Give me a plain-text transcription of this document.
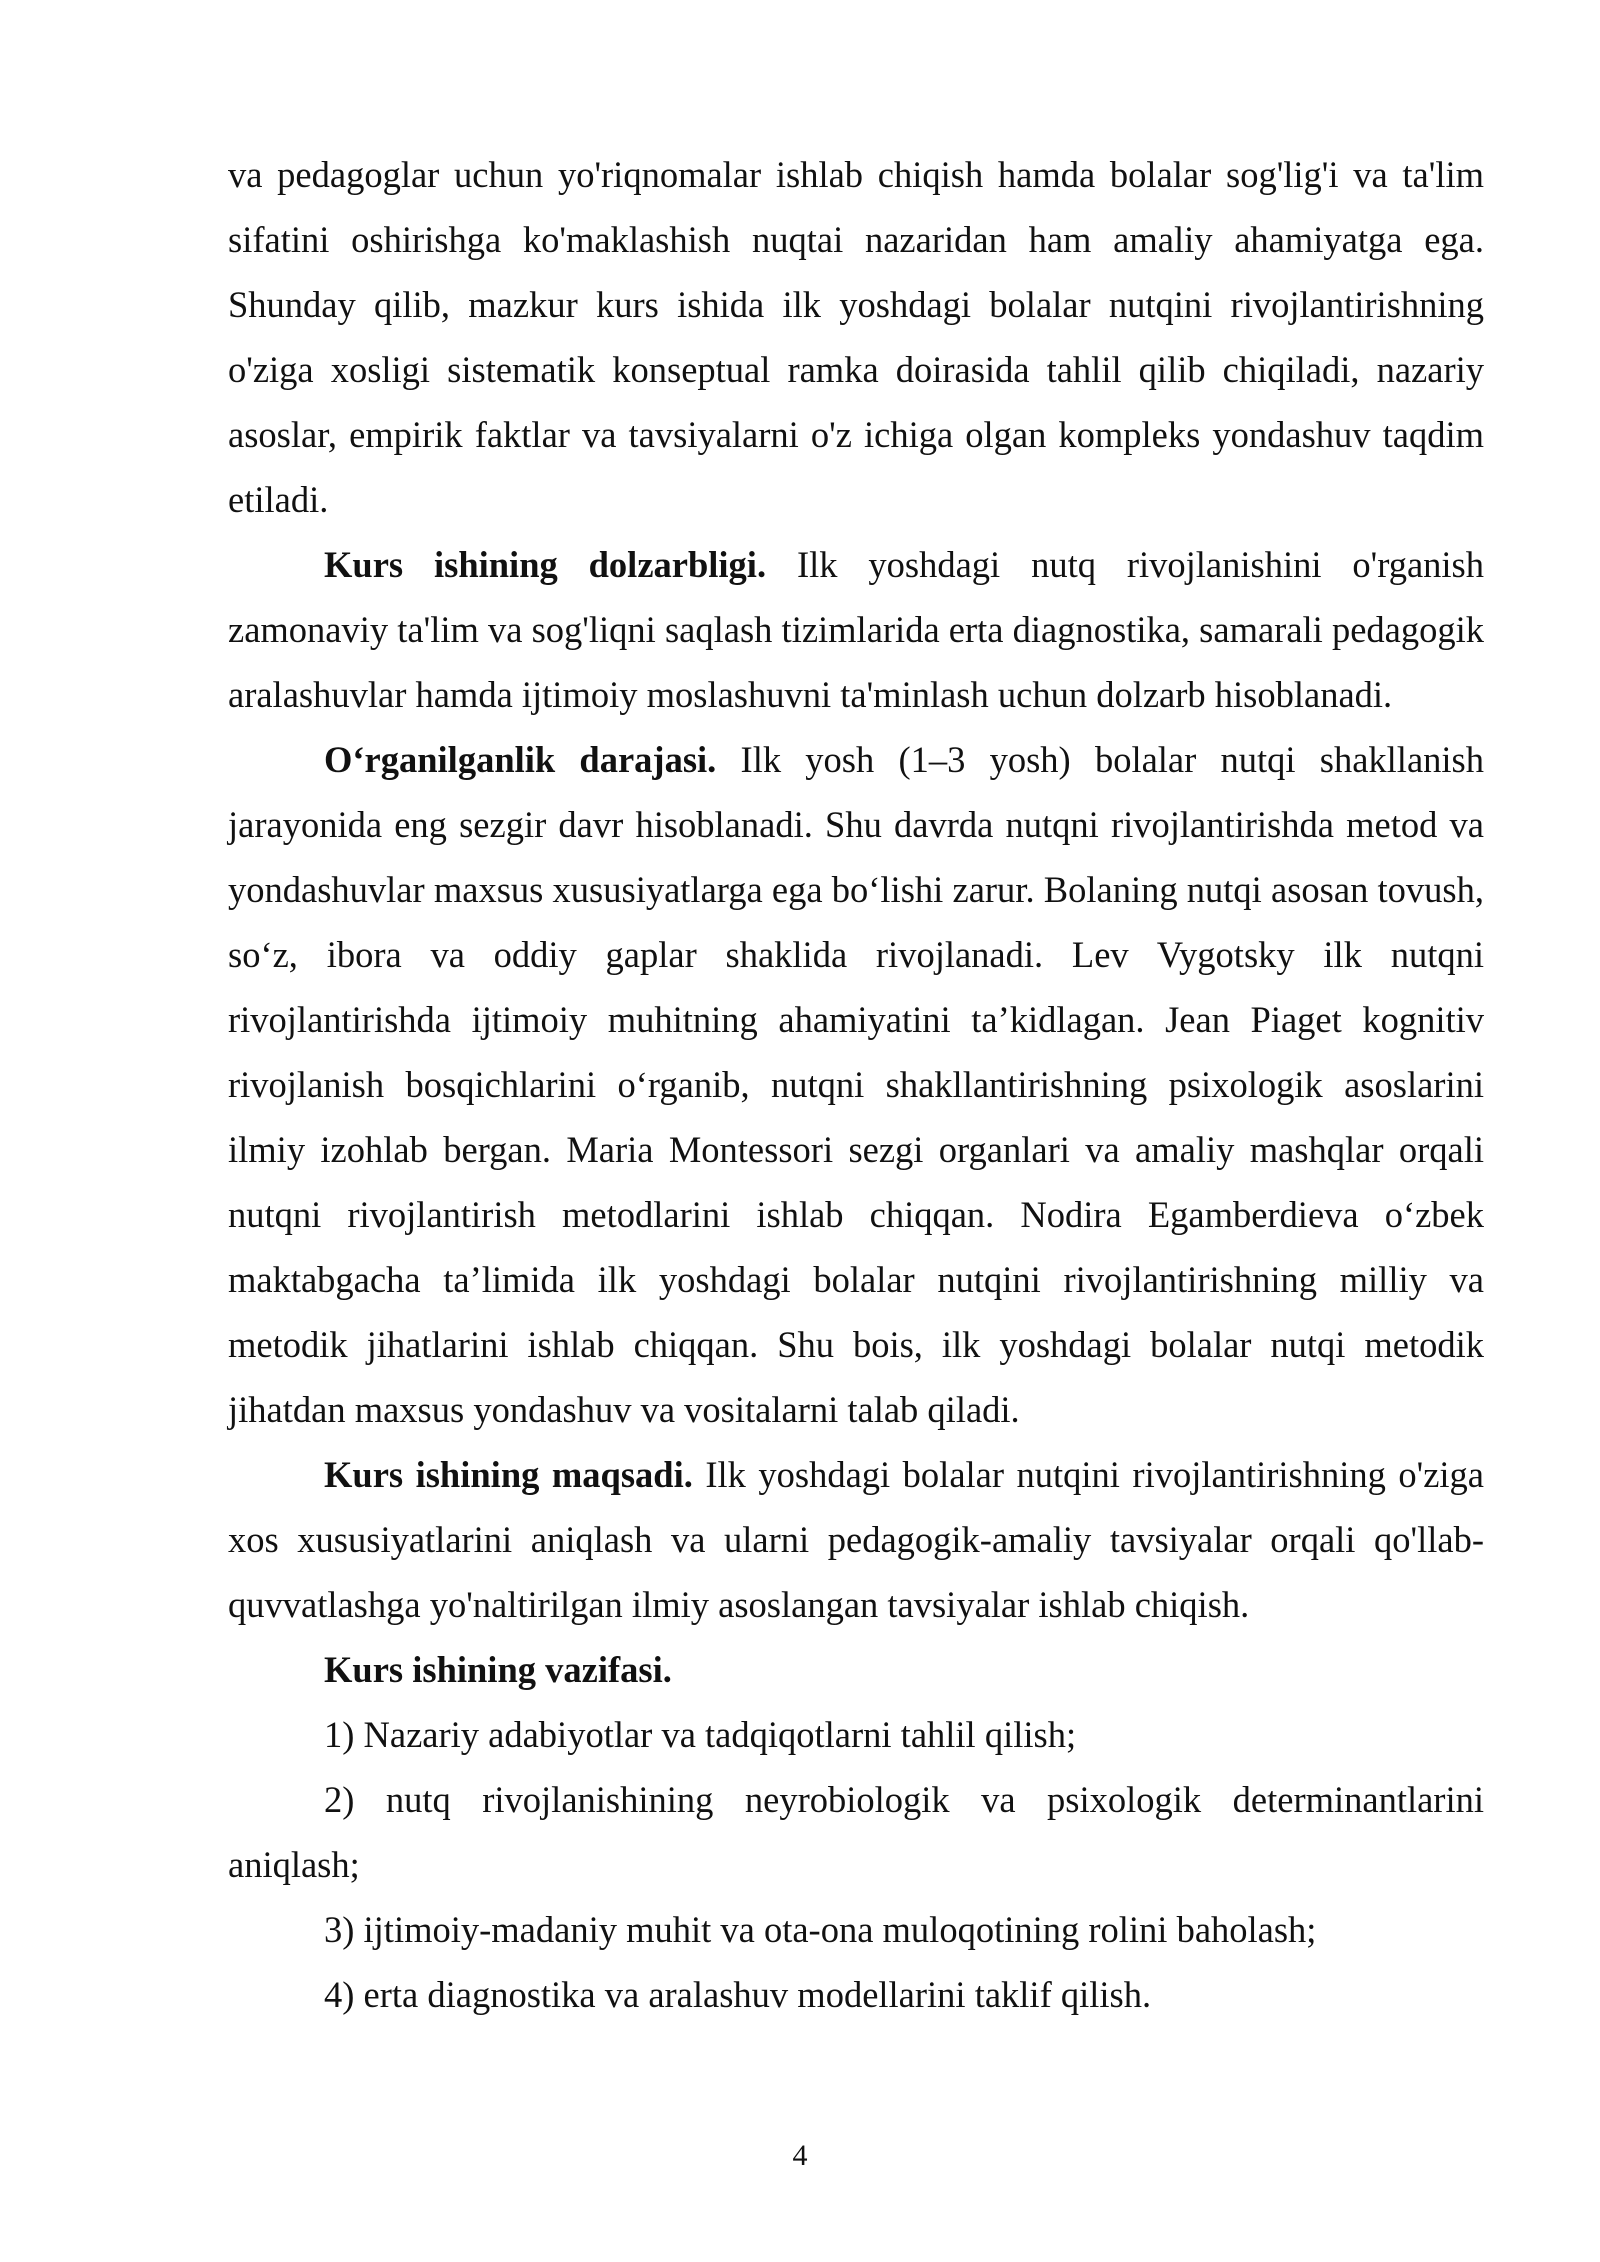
va pedagoglar uchun yo'riqnomalar ishlab chiqish hamda bolalar sog'lig'i va ta'lim sifatini oshirishga ko'maklashish nuqtai nazaridan ham amaliy ahamiyatga ega. Shunday qilib, mazkur kurs ishida ilk yoshdagi bolalar nutqini rivojlantirishning o'ziga xosligi sistematik konseptual ramka doirasida tahlil qilib chiqiladi, nazariy asoslar, empirik faktlar va tavsiyalarni o'z ichiga olgan kompleks yondashuv taqdim etiladi.

Kurs ishining dolzarbligi. Ilk yoshdagi nutq rivojlanishini o'rganish zamonaviy ta'lim va sog'liqni saqlash tizimlarida erta diagnostika, samarali pedagogik aralashuvlar hamda ijtimoiy moslashuvni ta'minlash uchun dolzarb hisoblanadi.

O‘rganilganlik darajasi. Ilk yosh (1–3 yosh) bolalar nutqi shakllanish jarayonida eng sezgir davr hisoblanadi. Shu davrda nutqni rivojlantirishda metod va yondashuvlar maxsus xususiyatlarga ega bo‘lishi zarur. Bolaning nutqi asosan tovush, so‘z, ibora va oddiy gaplar shaklida rivojlanadi. Lev Vygotsky ilk nutqni rivojlantirishda ijtimoiy muhitning ahamiyatini ta’kidlagan. Jean Piaget kognitiv rivojlanish bosqichlarini o‘rganib, nutqni shakllantirishning psixologik asoslarini ilmiy izohlab bergan. Maria Montessori sezgi organlari va amaliy mashqlar orqali nutqni rivojlantirish metodlarini ishlab chiqqan. Nodira Egamberdieva o‘zbek maktabgacha ta’limida ilk yoshdagi bolalar nutqini rivojlantirishning milliy va metodik jihatlarini ishlab chiqqan. Shu bois, ilk yoshdagi bolalar nutqi metodik jihatdan maxsus yondashuv va vositalarni talab qiladi.

Kurs ishining maqsadi. Ilk yoshdagi bolalar nutqini rivojlantirishning o'ziga xos xususiyatlarini aniqlash va ularni pedagogik-amaliy tavsiyalar orqali qo'llab-quvvatlashga yo'naltirilgan ilmiy asoslangan tavsiyalar ishlab chiqish.

Kurs ishining vazifasi.

1) Nazariy adabiyotlar va tadqiqotlarni tahlil qilish;

2) nutq rivojlanishining neyrobiologik va psixologik determinantlarini aniqlash;

3) ijtimoiy-madaniy muhit va ota-ona muloqotining rolini baholash;

4) erta diagnostika va aralashuv modellarini taklif qilish.

4
